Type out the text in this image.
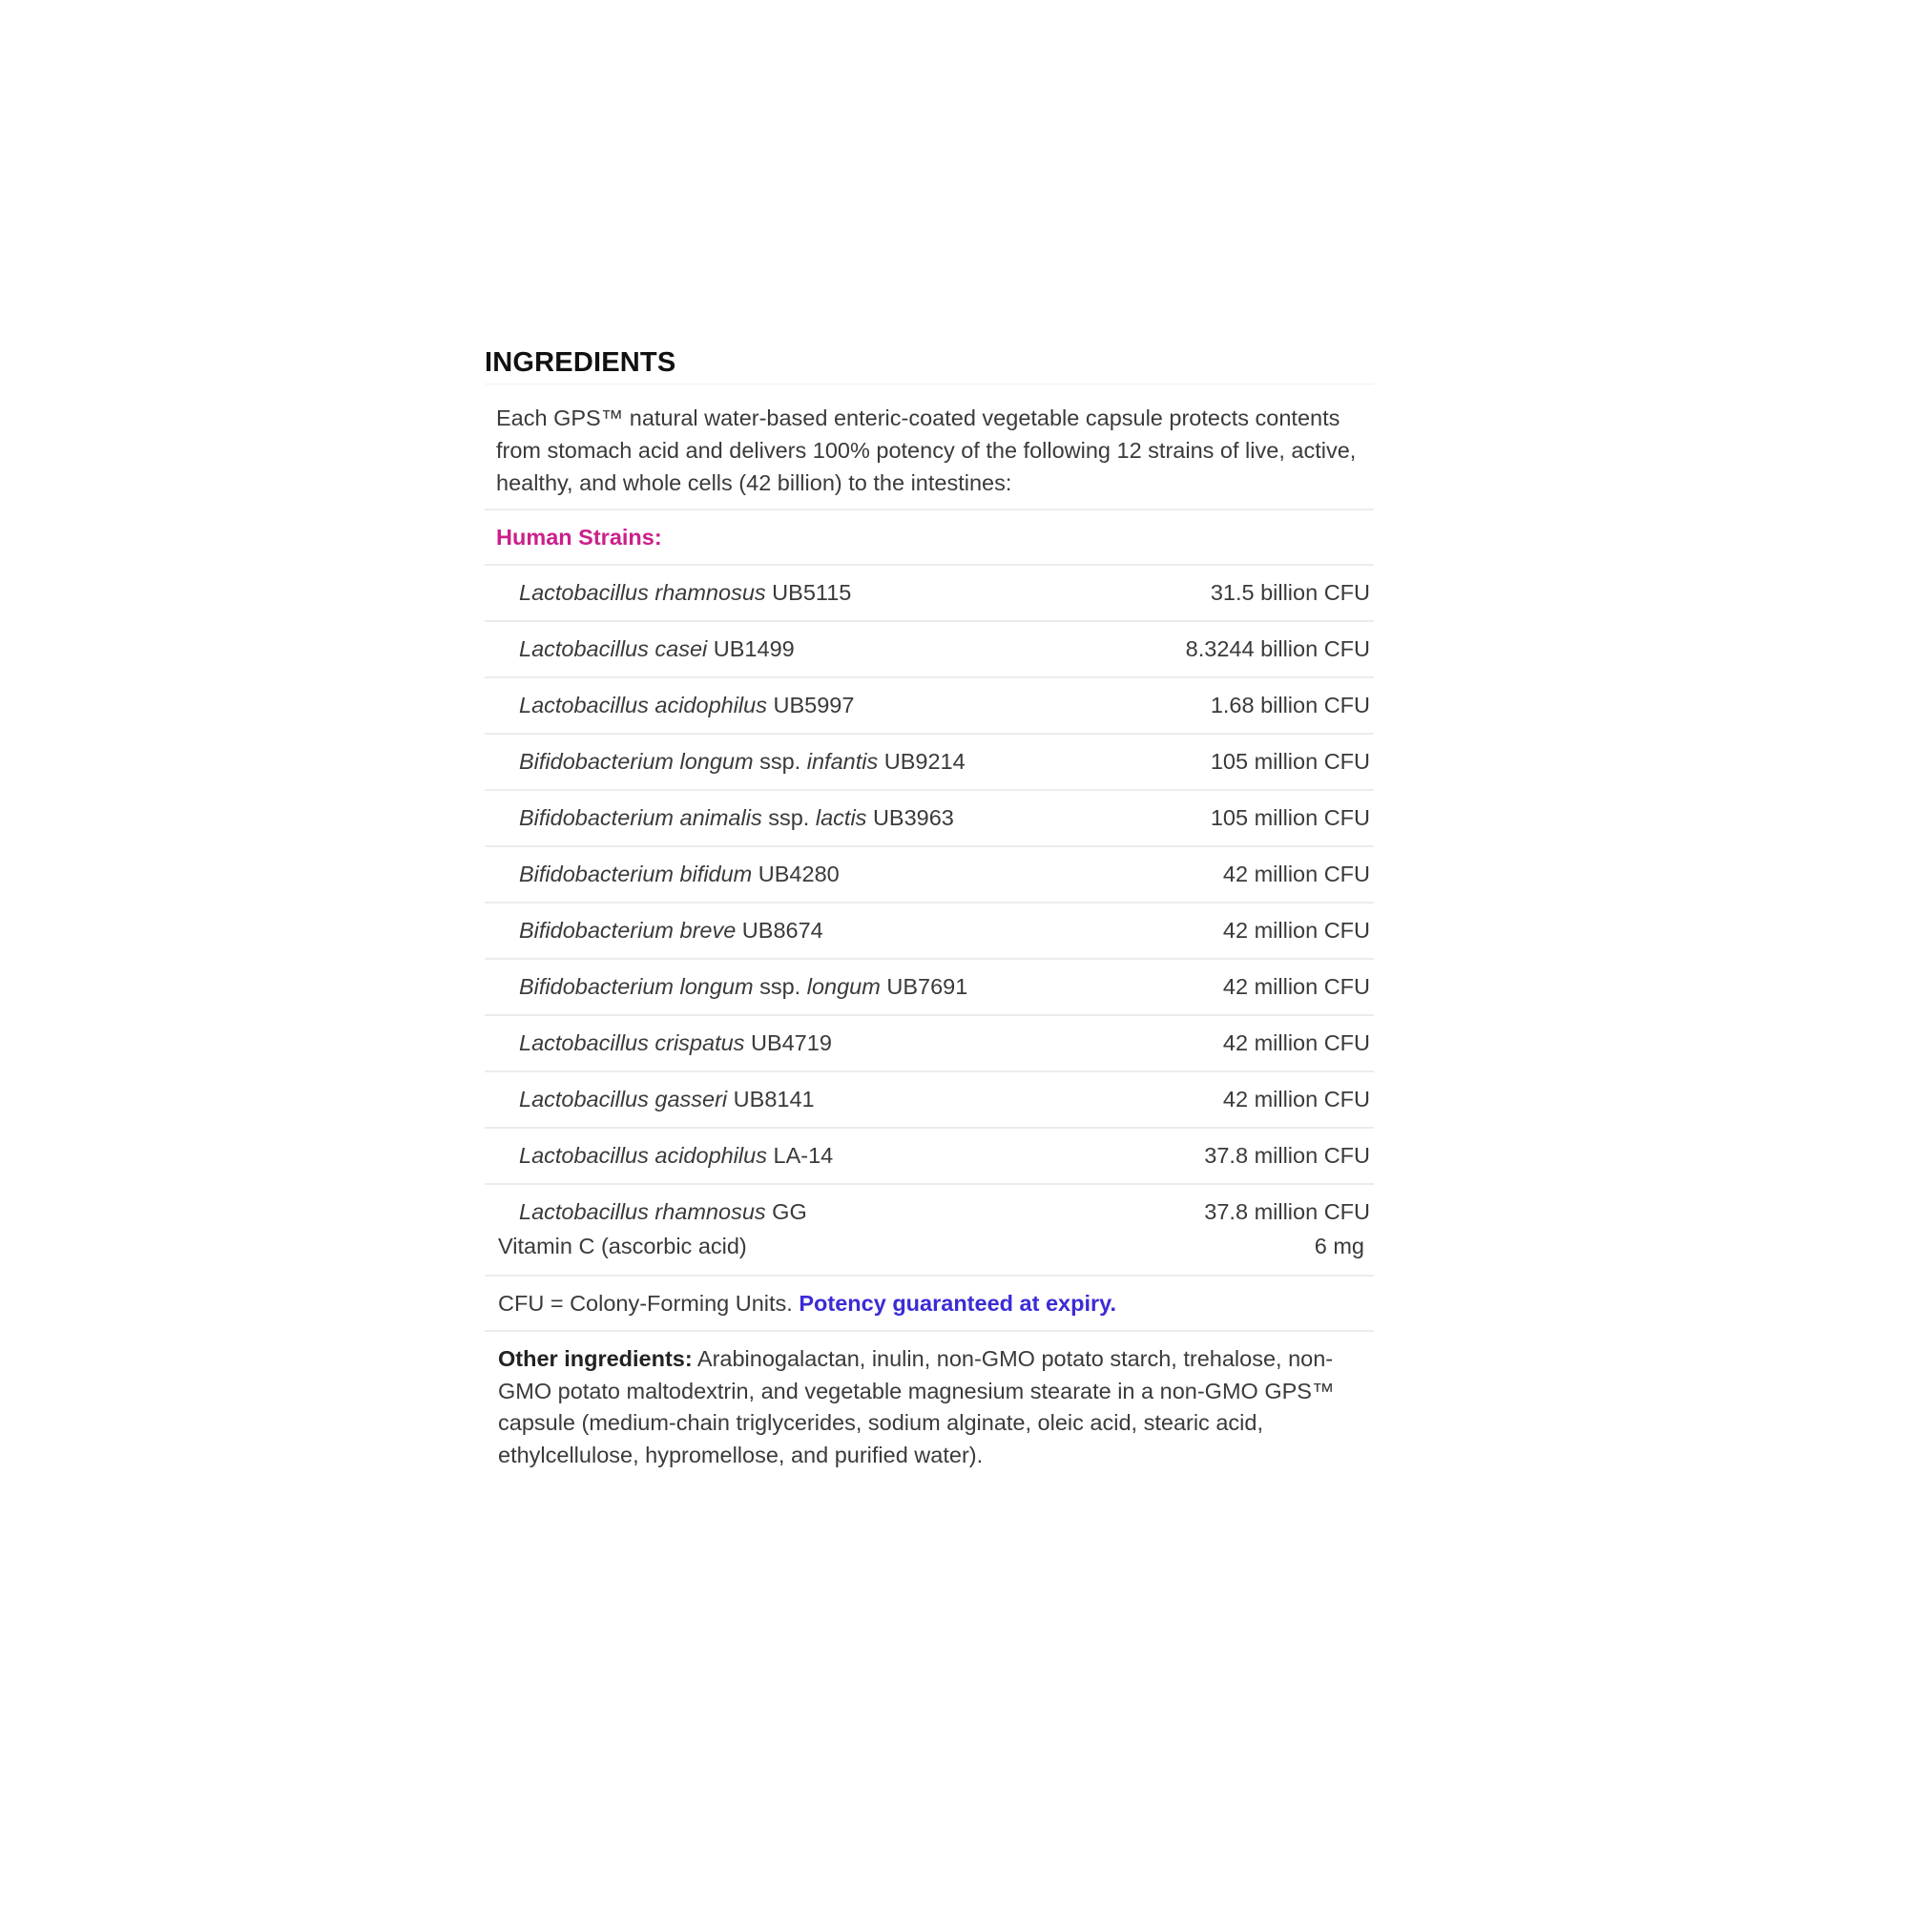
INGREDIENTS
Each GPS™ natural water-based enteric-coated vegetable capsule protects contents from stomach acid and delivers 100% potency of the following 12 strains of live, active, healthy, and whole cells (42 billion) to the intestines:
Human Strains:
Lactobacillus rhamnosus UB5115	31.5 billion CFU
Lactobacillus casei UB1499	8.3244 billion CFU
Lactobacillus acidophilus UB5997	1.68 billion CFU
Bifidobacterium longum ssp. infantis UB9214	105 million CFU
Bifidobacterium animalis ssp. lactis UB3963	105 million CFU
Bifidobacterium bifidum UB4280	42 million CFU
Bifidobacterium breve UB8674	42 million CFU
Bifidobacterium longum ssp. longum UB7691	42 million CFU
Lactobacillus crispatus UB4719	42 million CFU
Lactobacillus gasseri UB8141	42 million CFU
Lactobacillus acidophilus LA-14	37.8 million CFU
Lactobacillus rhamnosus GG	37.8 million CFU
Vitamin C (ascorbic acid)	6 mg
CFU = Colony-Forming Units. Potency guaranteed at expiry.
Other ingredients: Arabinogalactan, inulin, non-GMO potato starch, trehalose, non-GMO potato maltodextrin, and vegetable magnesium stearate in a non-GMO GPS™ capsule (medium-chain triglycerides, sodium alginate, oleic acid, stearic acid, ethylcellulose, hypromellose, and purified water).
